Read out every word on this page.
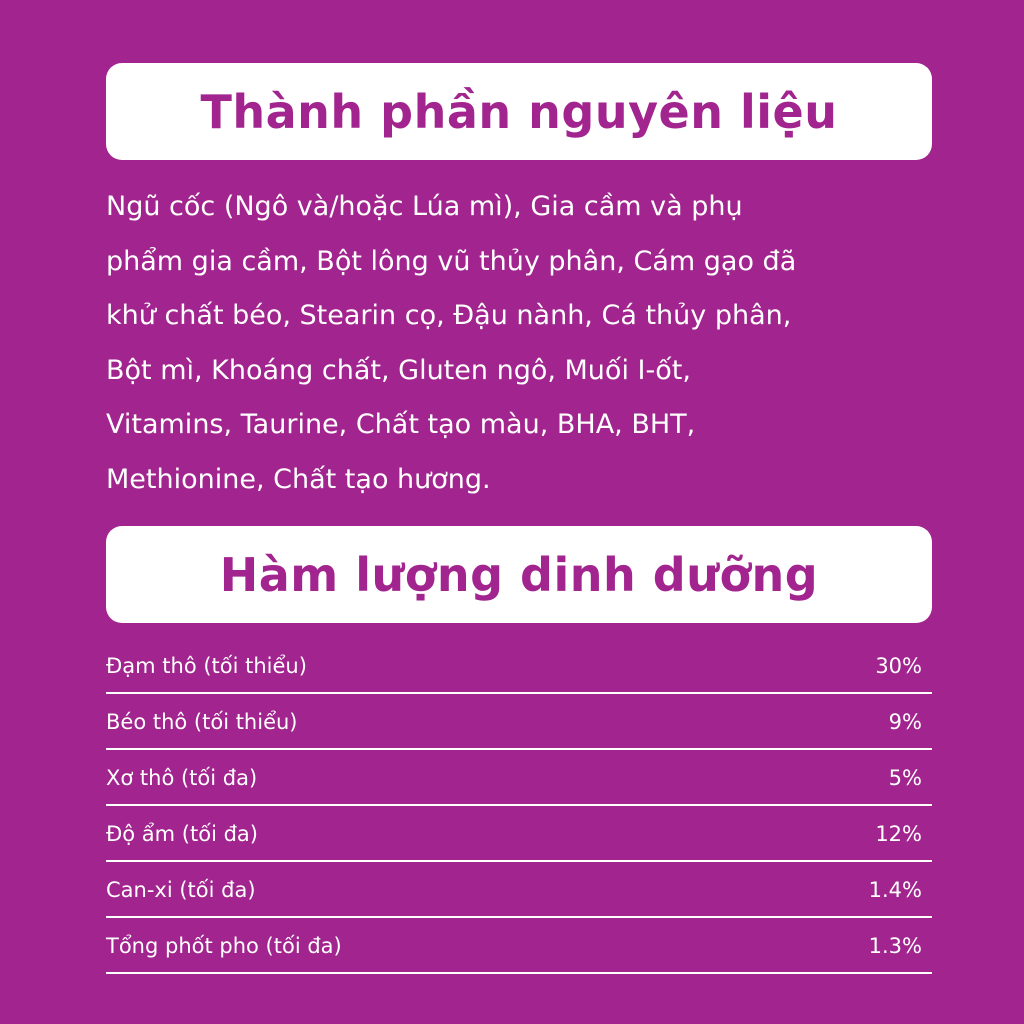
Thành phần nguyên liệu

Ngũ cốc (Ngô và/hoặc Lúa mì), Gia cầm và phụ
phẩm gia cầm, Bột lông vũ thủy phân, Cám gạo đã
khử chất béo, Stearin cọ, Đậu nành, Cá thủy phân,
Bột mì, Khoáng chất, Gluten ngô, Muối I-ốt,
Vitamins, Taurine, Chất tạo màu, BHA, BHT,
Methionine, Chất tạo hương.

Hàm lượng dinh dưỡng
Đạm thô (tối thiểu)	30%
Béo thô (tối thiểu)	9%
Xơ thô (tối đa)	5%
Độ ẩm (tối đa)	12%
Can-xi (tối đa)	1.4%
Tổng phốt pho (tối đa)	1.3%
